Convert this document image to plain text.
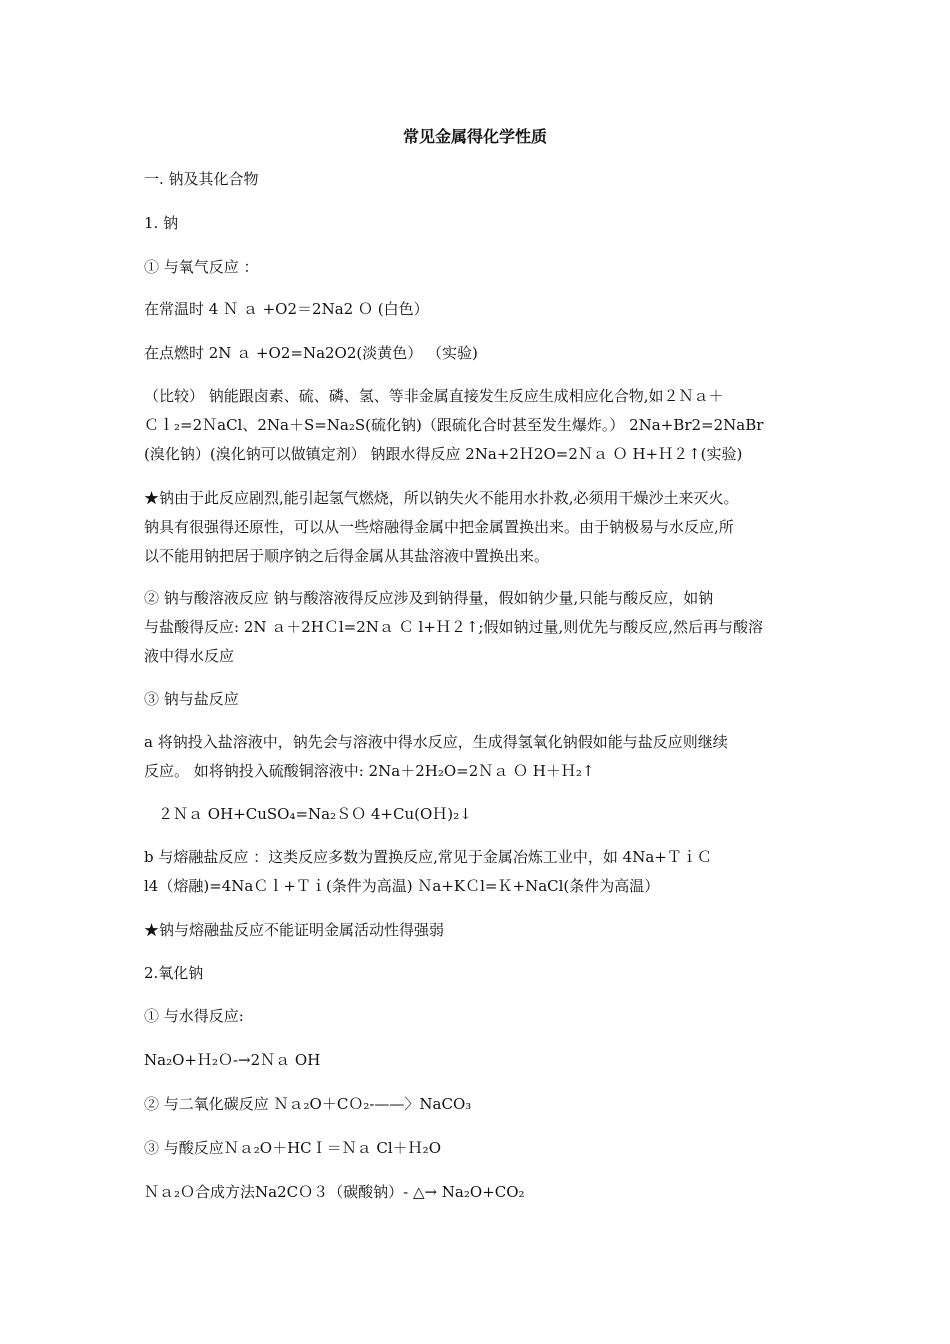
常见金属得化学性质
一. 钠及其化合物
1. 钠
① 与氧气反应 ：
在常温时 4 Ｎ ａ +O2＝2Na2 Ｏ (白色）
在点燃时 2N ａ +O2=Na2O2(淡黄色） （实验)
（比较） 钠能跟卤素、硫、磷、氢、等非金属直接发生反应生成相应化合物,如２Ｎａ＋
Ｃｌ₂=2ＮaCl、2Na＋S=Na₂S(硫化钠)（跟硫化合时甚至发生爆炸。） 2Na+Br2=2NaBr
(溴化钠）(溴化钠可以做镇定剂） 钠跟水得反应 2Na+2Ｈ2O=2Ｎａ Ｏ H+Ｈ２↑(实验)
★钠由于此反应剧烈,能引起氢气燃烧，所以钠失火不能用水扑救,必须用干燥沙土来灭火。
钠具有很强得还原性，可以从一些熔融得金属中把金属置换出来。由于钠极易与水反应,所
以不能用钠把居于顺序钠之后得金属从其盐溶液中置换出来。
② 钠与酸溶液反应 钠与酸溶液得反应涉及到钠得量，假如钠少量,只能与酸反应，如钠
与盐酸得反应: 2N ａ＋2HＣl=2Nａ Ｃ l+Ｈ２↑;假如钠过量,则优先与酸反应,然后再与酸溶
液中得水反应
③ 钠与盐反应
a 将钠投入盐溶液中，钠先会与溶液中得水反应，生成得氢氧化钠假如能与盐反应则继续
反应。 如将钠投入硫酸铜溶液中: 2Na＋2H₂O=2Ｎａ Ｏ H＋Ｈ₂↑
２Ｎａ OH+CuSO₄=Na₂ＳＯ 4+Cu(OＨ)₂↓
b 与熔融盐反应 ：这类反应多数为置换反应,常见于金属冶炼工业中，如 4Na+ＴｉＣ
l4（熔融)=4NaＣｌ+Ｔｉ(条件为高温) Ｎa+KＣl=Ｋ+NaCl(条件为高温）
★钠与熔融盐反应不能证明金属活动性得强弱
2.氧化钠
① 与水得反应:
Na₂O+Ｈ₂Ｏ-→2Ｎａ OH
② 与二氧化碳反应 Ｎａ₂O＋CＯ₂-——〉NaCO₃
③ 与酸反应Ｎａ₂O＋HCＩ＝Ｎａ Cl＋Ｈ₂O
Ｎａ₂Ｏ合成方法Na2CＯ３（碳酸钠）- △→ Na₂O+CO₂
